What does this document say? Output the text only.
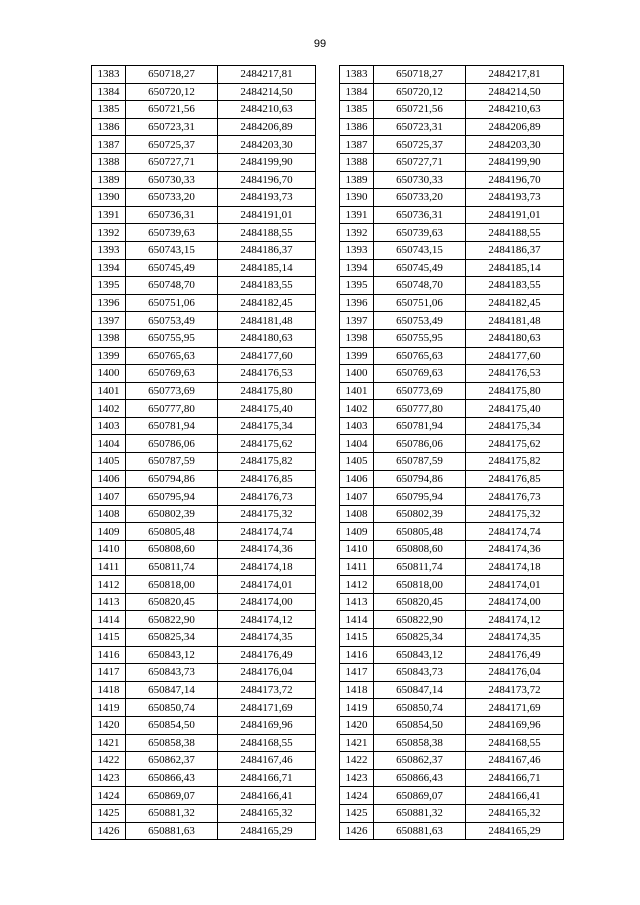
99
1383	650718,27	2484217,81
1384	650720,12	2484214,50
1385	650721,56	2484210,63
1386	650723,31	2484206,89
1387	650725,37	2484203,30
1388	650727,71	2484199,90
1389	650730,33	2484196,70
1390	650733,20	2484193,73
1391	650736,31	2484191,01
1392	650739,63	2484188,55
1393	650743,15	2484186,37
1394	650745,49	2484185,14
1395	650748,70	2484183,55
1396	650751,06	2484182,45
1397	650753,49	2484181,48
1398	650755,95	2484180,63
1399	650765,63	2484177,60
1400	650769,63	2484176,53
1401	650773,69	2484175,80
1402	650777,80	2484175,40
1403	650781,94	2484175,34
1404	650786,06	2484175,62
1405	650787,59	2484175,82
1406	650794,86	2484176,85
1407	650795,94	2484176,73
1408	650802,39	2484175,32
1409	650805,48	2484174,74
1410	650808,60	2484174,36
1411	650811,74	2484174,18
1412	650818,00	2484174,01
1413	650820,45	2484174,00
1414	650822,90	2484174,12
1415	650825,34	2484174,35
1416	650843,12	2484176,49
1417	650843,73	2484176,04
1418	650847,14	2484173,72
1419	650850,74	2484171,69
1420	650854,50	2484169,96
1421	650858,38	2484168,55
1422	650862,37	2484167,46
1423	650866,43	2484166,71
1424	650869,07	2484166,41
1425	650881,32	2484165,32
1426	650881,63	2484165,29
1383	650718,27	2484217,81
1384	650720,12	2484214,50
1385	650721,56	2484210,63
1386	650723,31	2484206,89
1387	650725,37	2484203,30
1388	650727,71	2484199,90
1389	650730,33	2484196,70
1390	650733,20	2484193,73
1391	650736,31	2484191,01
1392	650739,63	2484188,55
1393	650743,15	2484186,37
1394	650745,49	2484185,14
1395	650748,70	2484183,55
1396	650751,06	2484182,45
1397	650753,49	2484181,48
1398	650755,95	2484180,63
1399	650765,63	2484177,60
1400	650769,63	2484176,53
1401	650773,69	2484175,80
1402	650777,80	2484175,40
1403	650781,94	2484175,34
1404	650786,06	2484175,62
1405	650787,59	2484175,82
1406	650794,86	2484176,85
1407	650795,94	2484176,73
1408	650802,39	2484175,32
1409	650805,48	2484174,74
1410	650808,60	2484174,36
1411	650811,74	2484174,18
1412	650818,00	2484174,01
1413	650820,45	2484174,00
1414	650822,90	2484174,12
1415	650825,34	2484174,35
1416	650843,12	2484176,49
1417	650843,73	2484176,04
1418	650847,14	2484173,72
1419	650850,74	2484171,69
1420	650854,50	2484169,96
1421	650858,38	2484168,55
1422	650862,37	2484167,46
1423	650866,43	2484166,71
1424	650869,07	2484166,41
1425	650881,32	2484165,32
1426	650881,63	2484165,29
